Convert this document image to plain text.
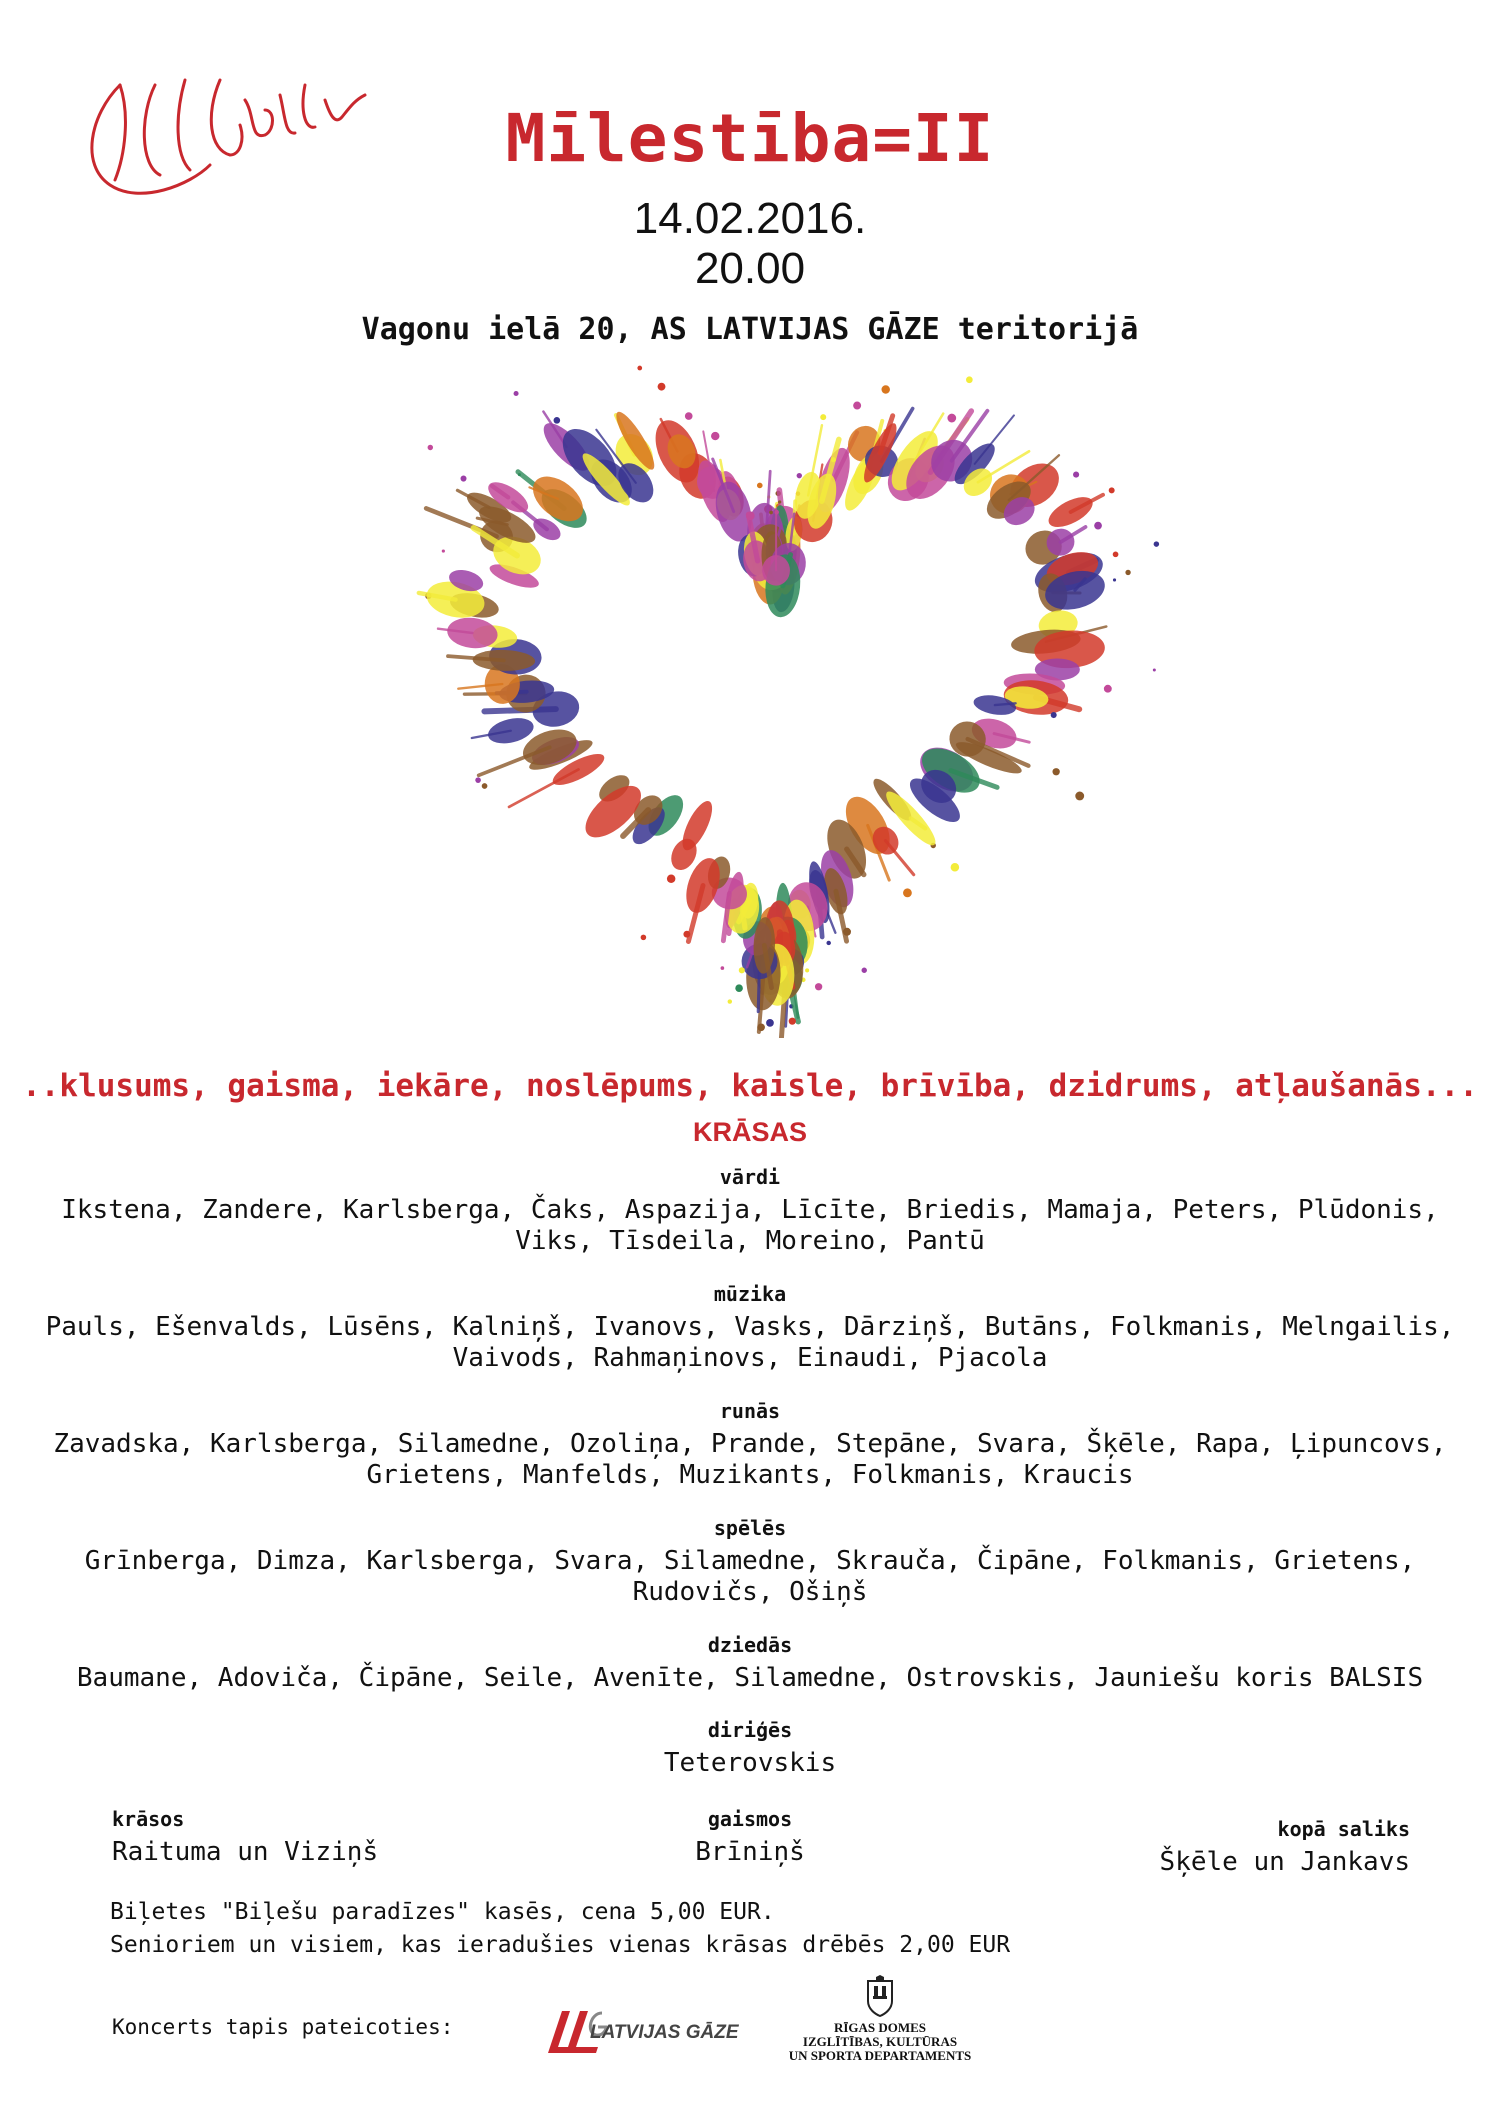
Mīlestība=II
14.02.2016.
20.00
Vagonu ielā 20, AS LATVIJAS GĀZE teritorijā
..klusums, gaisma, iekāre, noslēpums, kaisle, brīvība, dzidrums, atļaušanās...
KRĀSAS
vārdi
Ikstena, Zandere, Karlsberga, Čaks, Aspazija, Līcīte, Briedis, Mamaja, Peters, Plūdonis,
Viks, Tīsdeila, Moreino, Pantū
mūzika
Pauls, Ešenvalds, Lūsēns, Kalniņš, Ivanovs, Vasks, Dārziņš, Butāns, Folkmanis, Melngailis,
Vaivods, Rahmaņinovs, Einaudi, Pjacola
runās
Zavadska, Karlsberga, Silamedne, Ozoliņa, Prande, Stepāne, Svara, Šķēle, Rapa, Ļipuncovs,
Grietens, Manfelds, Muzikants, Folkmanis, Kraucis
spēlēs
Grīnberga, Dimza, Karlsberga, Svara, Silamedne, Skrauča, Čipāne, Folkmanis, Grietens,
Rudovičs, Ošiņš
dziedās
Baumane, Adoviča, Čipāne, Seile, Avenīte, Silamedne, Ostrovskis, Jauniešu koris BALSIS
diriģēs
Teterovskis
krāsos
Raituma un Viziņš
gaismos
Brīniņš
kopā saliks
Šķēle un Jankavs
Biļetes "Biļešu paradīzes" kasēs, cena 5,00 EUR.
Senioriem un visiem, kas ieradušies vienas krāsas drēbēs 2,00 EUR
Koncerts tapis pateicoties:	LATVIJAS GĀZE	RĪGAS DOMES
IZGLĪTĪBAS, KULTŪRAS
UN SPORTA DEPARTAMENTS
